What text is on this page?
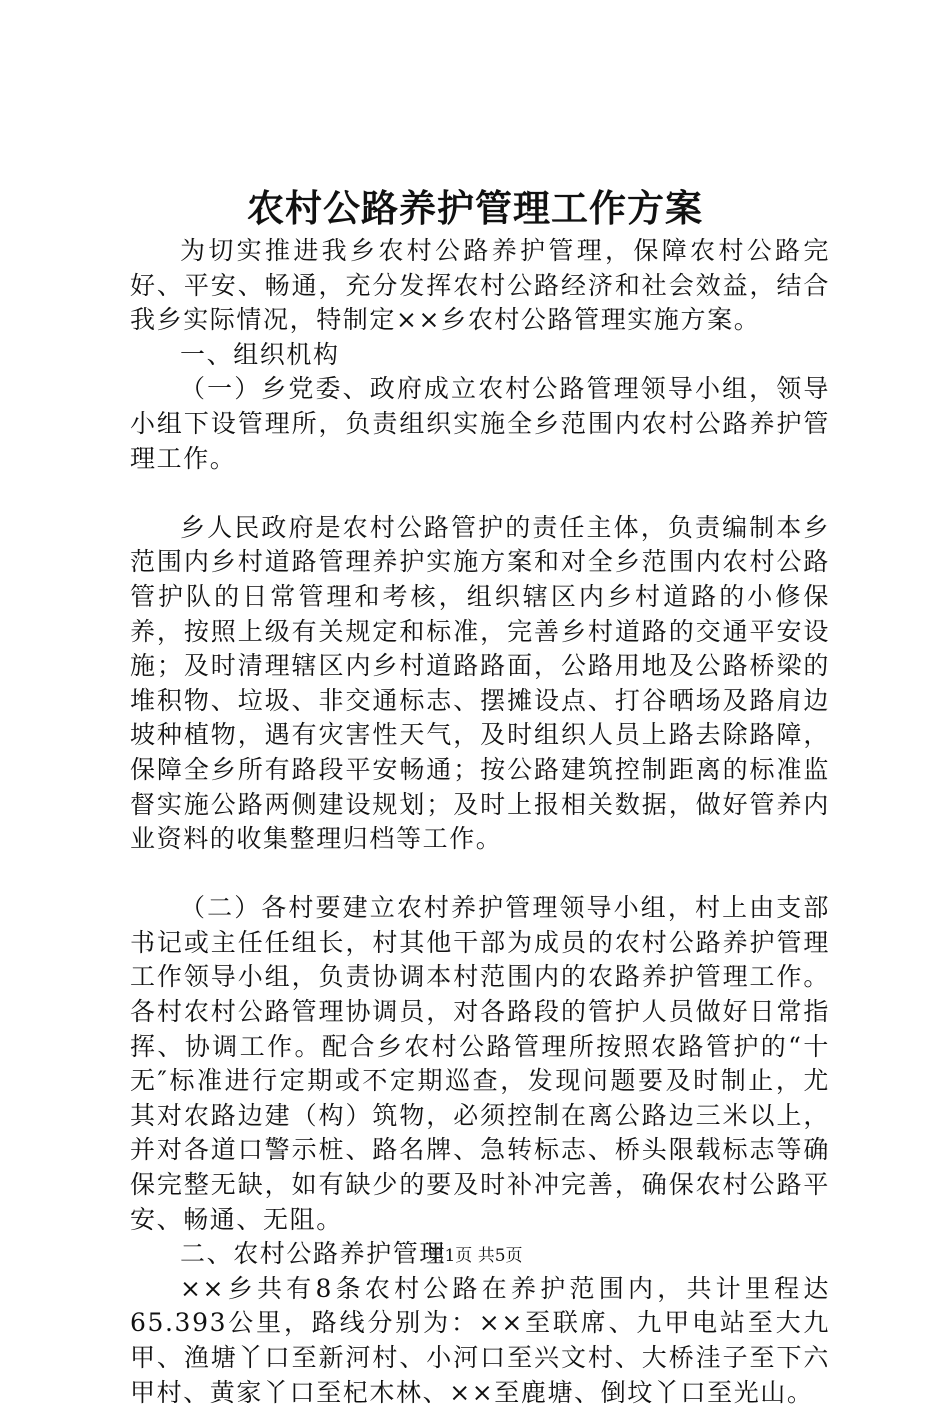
农村公路养护管理工作方案

为切实推进我乡农村公路养护管理，保障农村公路完好、平安、畅通，充分发挥农村公路经济和社会效益，结合我乡实际情况，特制定××乡农村公路管理实施方案。

一、组织机构

（一）乡党委、政府成立农村公路管理领导小组，领导小组下设管理所，负责组织实施全乡范围内农村公路养护管理工作。

乡人民政府是农村公路管护的责任主体，负责编制本乡范围内乡村道路管理养护实施方案和对全乡范围内农村公路管护队的日常管理和考核，组织辖区内乡村道路的小修保养，按照上级有关规定和标准，完善乡村道路的交通平安设施；及时清理辖区内乡村道路路面，公路用地及公路桥梁的堆积物、垃圾、非交通标志、摆摊设点、打谷晒场及路肩边坡种植物，遇有灾害性天气，及时组织人员上路去除路障，保障全乡所有路段平安畅通；按公路建筑控制距离的标准监督实施公路两侧建设规划；及时上报相关数据，做好管养内业资料的收集整理归档等工作。

（二）各村要建立农村养护管理领导小组，村上由支部书记或主任任组长，村其他干部为成员的农村公路养护管理工作领导小组，负责协调本村范围内的农路养护管理工作。各村农村公路管理协调员，对各路段的管护人员做好日常指挥、协调工作。配合乡农村公路管理所按照农路管护的“十无″标准进行定期或不定期巡查，发现问题要及时制止，尤其对农路边建（构）筑物，必须控制在离公路边三米以上，并对各道口警示桩、路名牌、急转标志、桥头限载标志等确保完整无缺，如有缺少的要及时补冲完善，确保农村公路平安、畅通、无阻。

二、农村公路养护管理

××乡共有8条农村公路在养护范围内，共计里程达65.393公里，路线分别为：××至联席、九甲电站至大九甲、渔塘丫口至新河村、小河口至兴文村、大桥洼子至下六甲村、黄家丫口至杞木林、××至鹿塘、倒坟丫口至光山。

第1页 共5页
